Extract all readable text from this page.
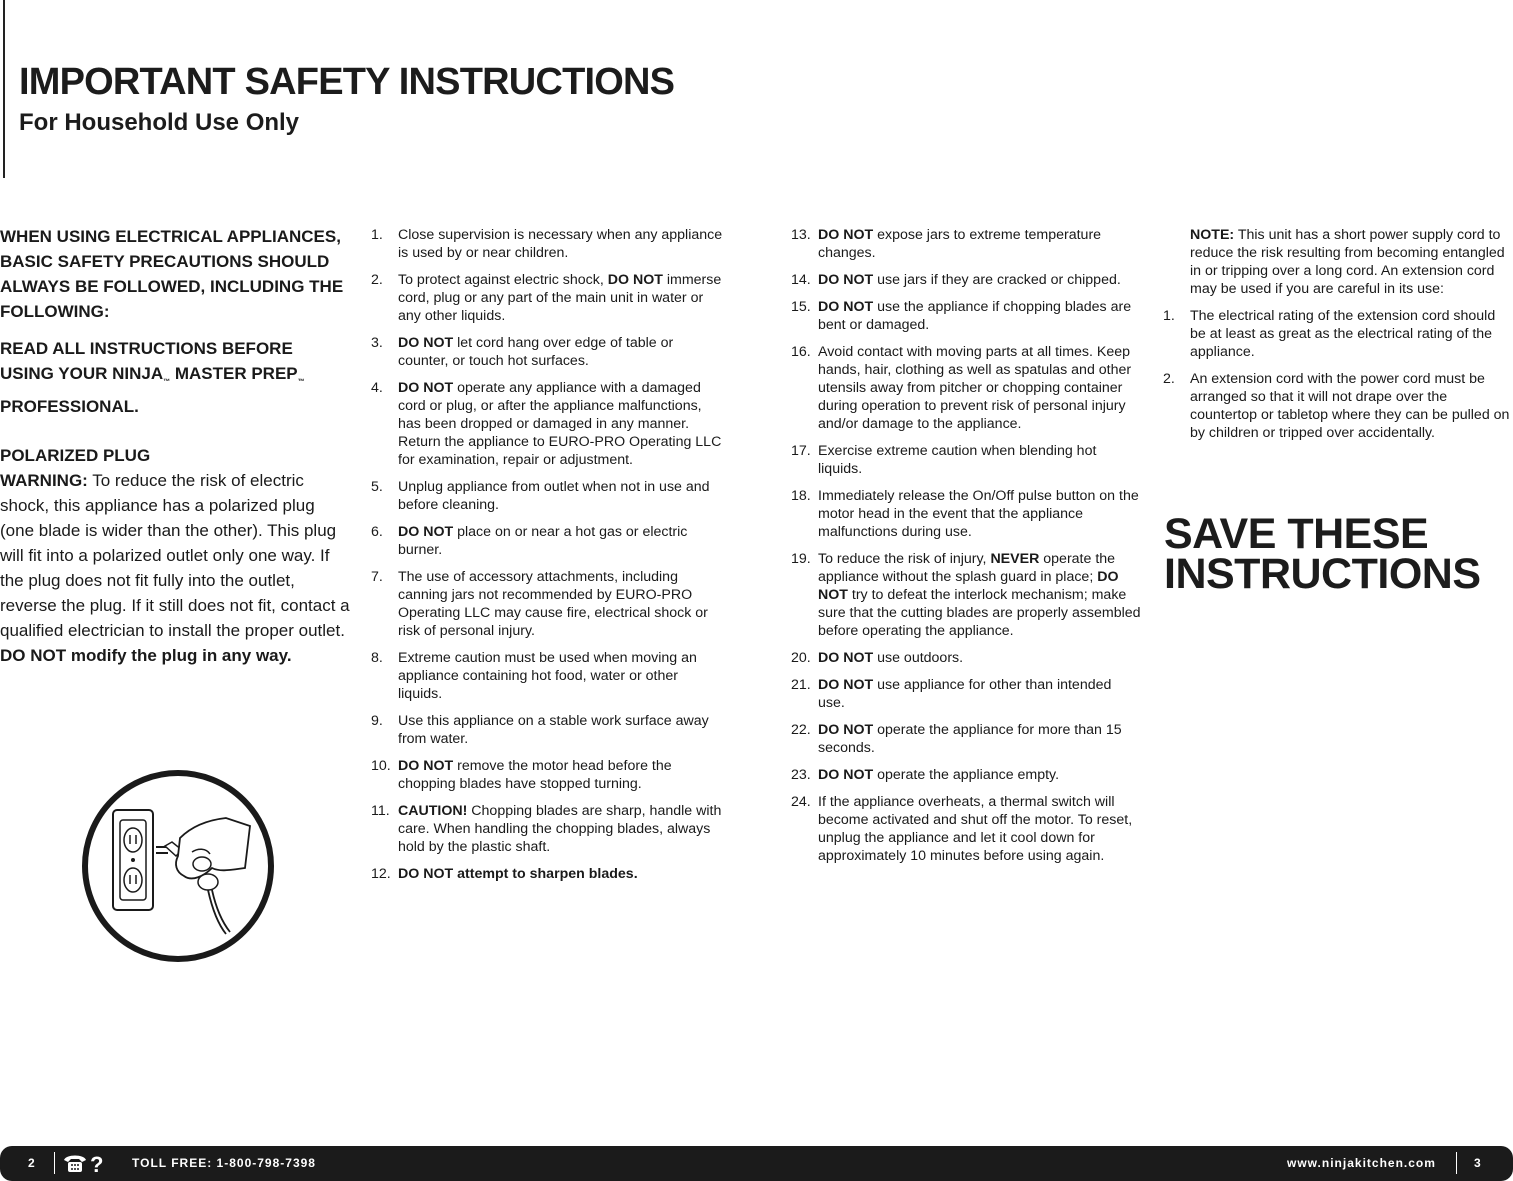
IMPORTANT SAFETY INSTRUCTIONS
For Household Use Only

WHEN USING ELECTRICAL APPLIANCES, BASIC SAFETY PRECAUTIONS SHOULD ALWAYS BE FOLLOWED, INCLUDING THE FOLLOWING:

READ ALL INSTRUCTIONS BEFORE USING YOUR $NINJA_™$ MASTER $PREP_™$ PROFESSIONAL.

POLARIZED PLUG

WARNING: To reduce the risk of electric shock, this appliance has a polarized plug (one blade is wider than the other). This plug will fit into a polarized outlet only one way. If the plug does not fit fully into the outlet, reverse the plug. If it still does not fit, contact a qualified electrician to install the proper outlet. DO NOT modify the plug in any way.

1. Close supervision is necessary when any appliance is used by or near children.
2. To protect against electric shock, DO NOT immerse cord, plug or any part of the main unit in water or any other liquids.
3. DO NOT let cord hang over edge of table or counter, or touch hot surfaces.
4. DO NOT operate any appliance with a damaged cord or plug, or after the appliance malfunctions, has been dropped or damaged in any manner. Return the appliance to EURO-PRO Operating LLC for examination, repair or adjustment.
5. Unplug appliance from outlet when not in use and before cleaning.
6. DO NOT place on or near a hot gas or electric burner.
7. The use of accessory attachments, including canning jars not recommended by EURO-PRO Operating LLC may cause fire, electrical shock or risk of personal injury.
8. Extreme caution must be used when moving an appliance containing hot food, water or other liquids.
9. Use this appliance on a stable work surface away from water.
10. DO NOT remove the motor head before the chopping blades have stopped turning.
11. CAUTION! Chopping blades are sharp, handle with care. When handling the chopping blades, always hold by the plastic shaft.
12. DO NOT attempt to sharpen blades.
13. DO NOT expose jars to extreme temperature changes.
14. DO NOT use jars if they are cracked or chipped.
15. DO NOT use the appliance if chopping blades are bent or damaged.
16. Avoid contact with moving parts at all times. Keep hands, hair, clothing as well as spatulas and other utensils away from pitcher or chopping container during operation to prevent risk of personal injury and/or damage to the appliance.
17. Exercise extreme caution when blending hot liquids.
18. Immediately release the On/Off pulse button on the motor head in the event that the appliance malfunctions during use.
19. To reduce the risk of injury, NEVER operate the appliance without the splash guard in place; DO NOT try to defeat the interlock mechanism; make sure that the cutting blades are properly assembled before operating the appliance.
20. DO NOT use outdoors.
21. DO NOT use appliance for other than intended use.
22. DO NOT operate the appliance for more than 15 seconds.
23. DO NOT operate the appliance empty.
24. If the appliance overheats, a thermal switch will become activated and shut off the motor. To reset, unplug the appliance and let it cool down for approximately 10 minutes before using again.
NOTE: This unit has a short power supply cord to reduce the risk resulting from becoming entangled in or tripping over a long cord. An extension cord may be used if you are careful in its use:
1. The electrical rating of the extension cord should be at least as great as the electrical rating of the appliance.
2. An extension cord with the power cord must be arranged so that it will not drape over the countertop or tabletop where they can be pulled on by children or tripped over accidentally.
SAVE THESE
INSTRUCTIONS
2 ? TOLL FREE: 1-800-798-7398	www.ninjakitchen.com	3
